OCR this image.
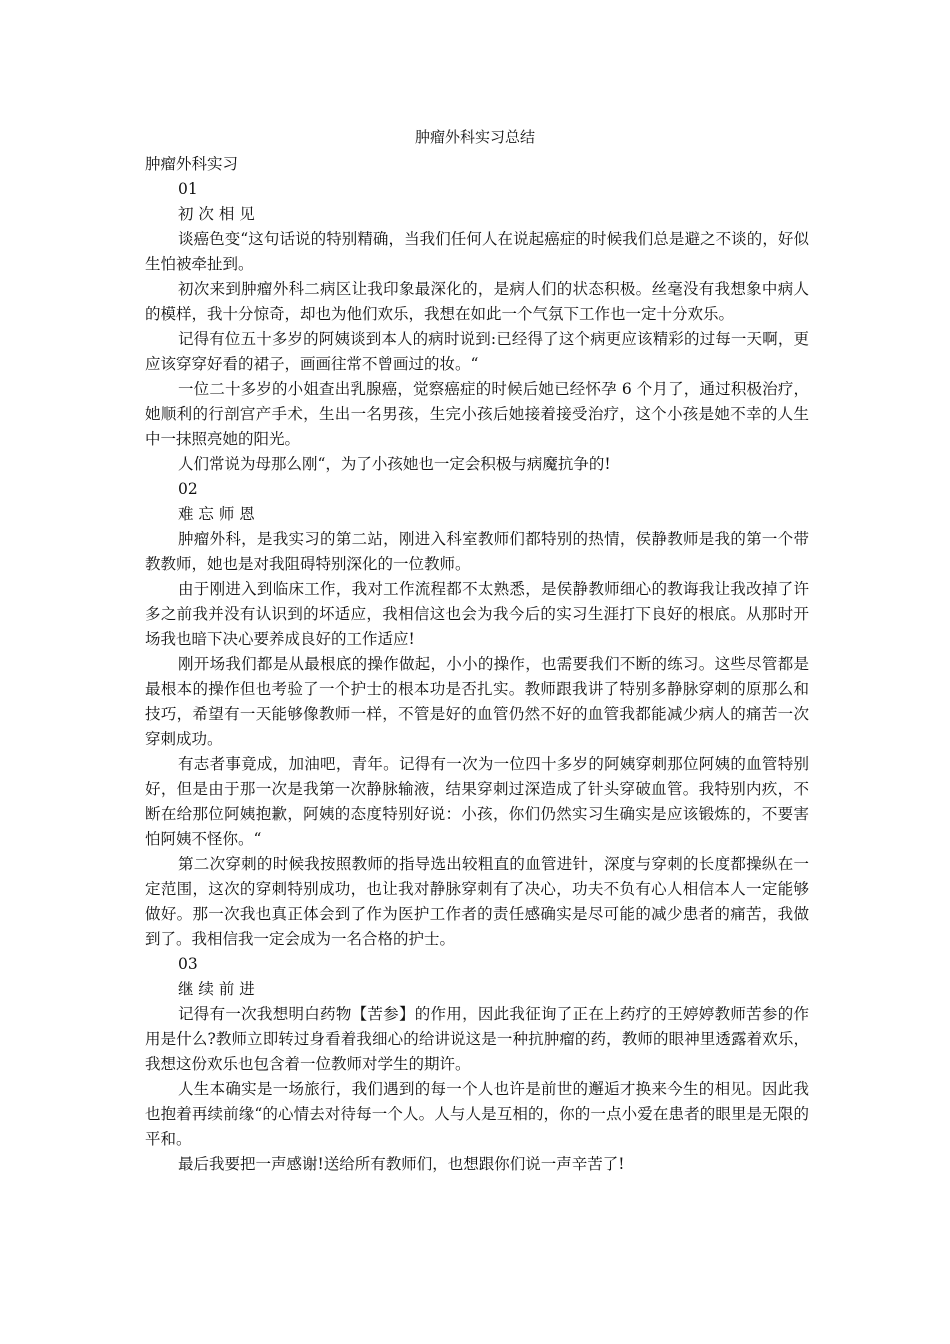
肿瘤外科实习总结

肿瘤外科实习

01

初 次 相 见

谈癌色变“这句话说的特别精确，当我们任何人在说起癌症的时候我们总是避之不谈的，好似生怕被牵扯到。

初次来到肿瘤外科二病区让我印象最深化的，是病人们的状态积极。丝毫没有我想象中病人的模样，我十分惊奇，却也为他们欢乐，我想在如此一个气氛下工作也一定十分欢乐。

记得有位五十多岁的阿姨谈到本人的病时说到:已经得了这个病更应该精彩的过每一天啊，更应该穿穿好看的裙子，画画往常不曾画过的妆。“

一位二十多岁的小姐查出乳腺癌，觉察癌症的时候后她已经怀孕 6 个月了，通过积极治疗，她顺利的行剖宫产手术，生出一名男孩，生完小孩后她接着接受治疗，这个小孩是她不幸的人生中一抹照亮她的阳光。

人们常说为母那么刚“，为了小孩她也一定会积极与病魔抗争的!

02

难 忘 师 恩

肿瘤外科，是我实习的第二站，刚进入科室教师们都特别的热情，侯静教师是我的第一个带教教师，她也是对我阻碍特别深化的一位教师。

由于刚进入到临床工作，我对工作流程都不太熟悉，是侯静教师细心的教诲我让我改掉了许多之前我并没有认识到的坏适应，我相信这也会为我今后的实习生涯打下良好的根底。从那时开场我也暗下决心要养成良好的工作适应!

刚开场我们都是从最根底的操作做起，小小的操作，也需要我们不断的练习。这些尽管都是最根本的操作但也考验了一个护士的根本功是否扎实。教师跟我讲了特别多静脉穿刺的原那么和技巧，希望有一天能够像教师一样，不管是好的血管仍然不好的血管我都能减少病人的痛苦一次穿刺成功。

有志者事竟成，加油吧，青年。记得有一次为一位四十多岁的阿姨穿刺那位阿姨的血管特别好，但是由于那一次是我第一次静脉输液，结果穿刺过深造成了针头穿破血管。我特别内疚，不断在给那位阿姨抱歉，阿姨的态度特别好说：小孩，你们仍然实习生确实是应该锻炼的，不要害怕阿姨不怪你。“

第二次穿刺的时候我按照教师的指导选出较粗直的血管进针，深度与穿刺的长度都操纵在一定范围，这次的穿刺特别成功，也让我对静脉穿刺有了决心，功夫不负有心人相信本人一定能够做好。那一次我也真正体会到了作为医护工作者的责任感确实是尽可能的减少患者的痛苦，我做到了。我相信我一定会成为一名合格的护士。

03

继 续 前 进

记得有一次我想明白药物【苦参】的作用，因此我征询了正在上药疗的王婷婷教师苦参的作用是什么?教师立即转过身看着我细心的给讲说这是一种抗肿瘤的药，教师的眼神里透露着欢乐，我想这份欢乐也包含着一位教师对学生的期许。

人生本确实是一场旅行，我们遇到的每一个人也许是前世的邂逅才换来今生的相见。因此我也抱着再续前缘“的心情去对待每一个人。人与人是互相的，你的一点小爱在患者的眼里是无限的平和。

最后我要把一声感谢!送给所有教师们，也想跟你们说一声辛苦了!
